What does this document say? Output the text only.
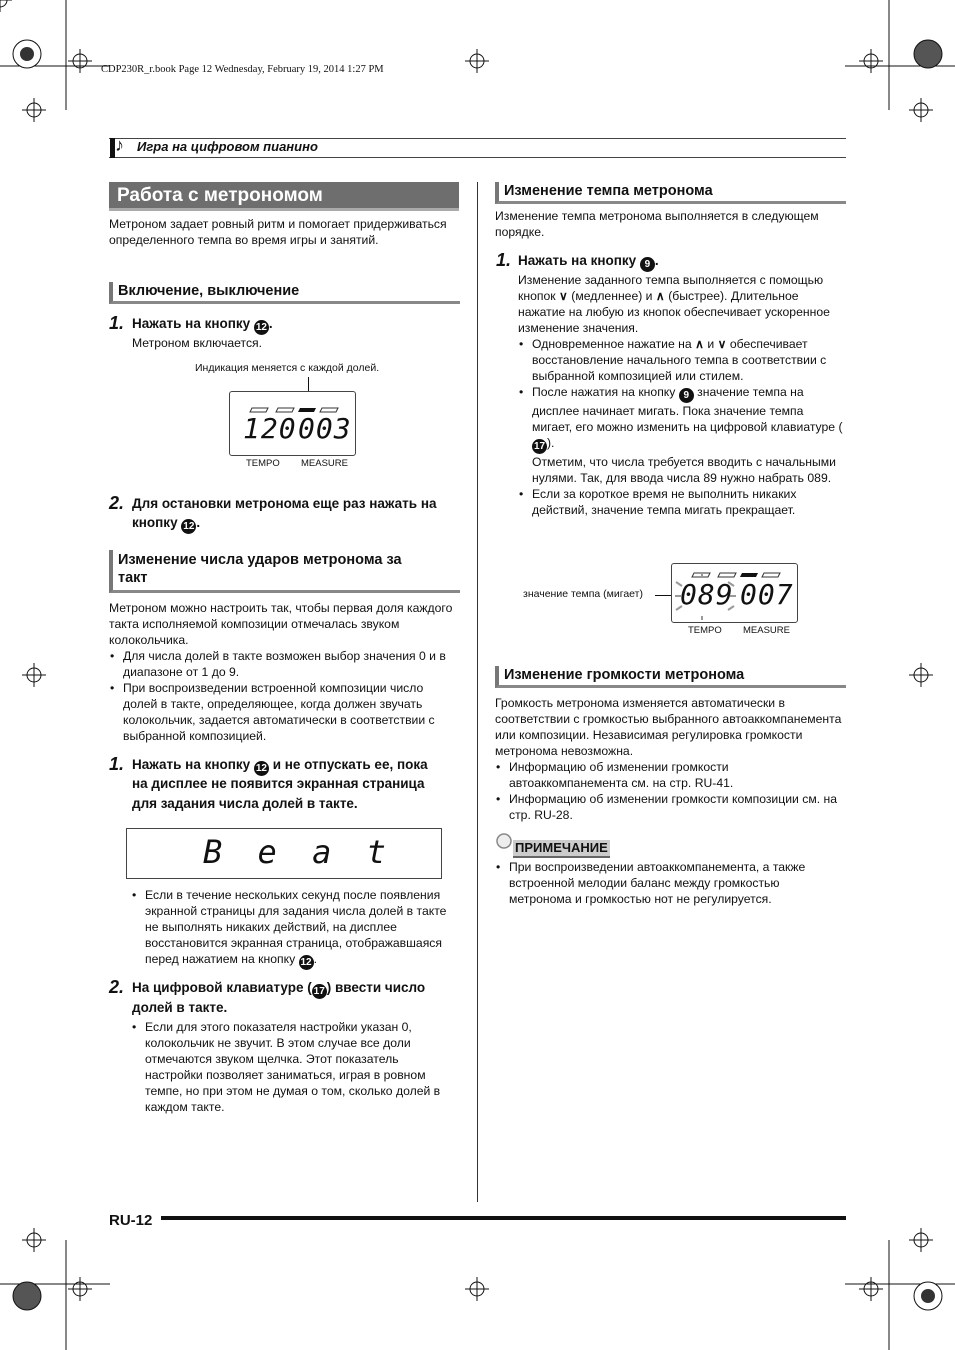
CDP230R_r.book Page 12 Wednesday, February 19, 2014 1:27 PM
♪ Игра на цифровом пианино
Работа с метрономом
Метроном задает ровный ритм и помогает придерживаться определенного темпа во время игры и занятий.
Включение, выключение
1. Нажать на кнопку 12 .
Метроном включается.
Индикация меняется с каждой долей.
120 003
TEMPO MEASURE
2. Для остановки метронома еще раз нажать на
кнопку 12 .
Изменение числа ударов метронома за
такт
Метроном можно настроить так, чтобы первая доля каждого такта исполняемой композиции отмечалась звуком колокольчика.
• Для числа долей в такте возможен выбор значения 0 и в диапазоне от 1 до 9.
• При воспроизведении встроенной композиции число долей в такте, определяющее, когда должен звучать колокольчик, задается автоматически в соответствии с выбранной композицией.
1. Нажать на кнопку 12 и не отпускать ее, пока
на дисплее не появится экранная страница
для задания числа долей в такте.
B e a t
• Если в течение нескольких секунд после появления экранной страницы для задания числа долей в такте не выполнять никаких действий, на дисплее восстановится экранная страница, отображавшаяся перед нажатием на кнопку 12 .
2. На цифровой клавиатуре ( 17 ) ввести число
долей в такте.
• Если для этого показателя настройки указан 0, колокольчик не звучит. В этом случае все доли отмечаются звуком щелчка. Этот показатель настройки позволяет заниматься, играя в ровном темпе, но при этом не думая о том, сколько долей в каждом такте.
Изменение темпа метронома
Изменение темпа метронома выполняется в следующем порядке.
1. Нажать на кнопку 9 .
Изменение заданного темпа выполняется с помощью
кнопок ∨ (медленнее) и ∧ (быстрее). Длительное
нажатие на любую из кнопок обеспечивает ускоренное изменение значения.
• Одновременное нажатие на ∧ и ∨ обеспечивает восстановление начального темпа в соответствии с выбранной композицией или стилем.
• После нажатия на кнопку 9 значение темпа на дисплее начинает мигать. Пока значение темпа мигает, его можно изменить на цифровой клавиатуре (17 ).
Отметим, что числа требуется вводить с начальными нулями. Так, для ввода числа 89 нужно набрать 089.
• Если за короткое время не выполнить никаких действий, значение темпа мигать прекращает.
значение темпа (мигает) 089 007
TEMPO MEASURE
Изменение громкости метронома
Громкость метронома изменяется автоматически в соответствии с громкостью выбранного автоаккомпанемента или композиции. Независимая регулировка громкости метронома невозможна.
• Информацию об изменении громкости автоаккомпанемента см. на стр. RU-41.
• Информацию об изменении громкости композиции см. на стр. RU-28.
ПРИМЕЧАНИЕ
• При воспроизведении автоаккомпанемента, а также встроенной мелодии баланс между громкостью метронома и громкостью нот не регулируется.
RU-12
